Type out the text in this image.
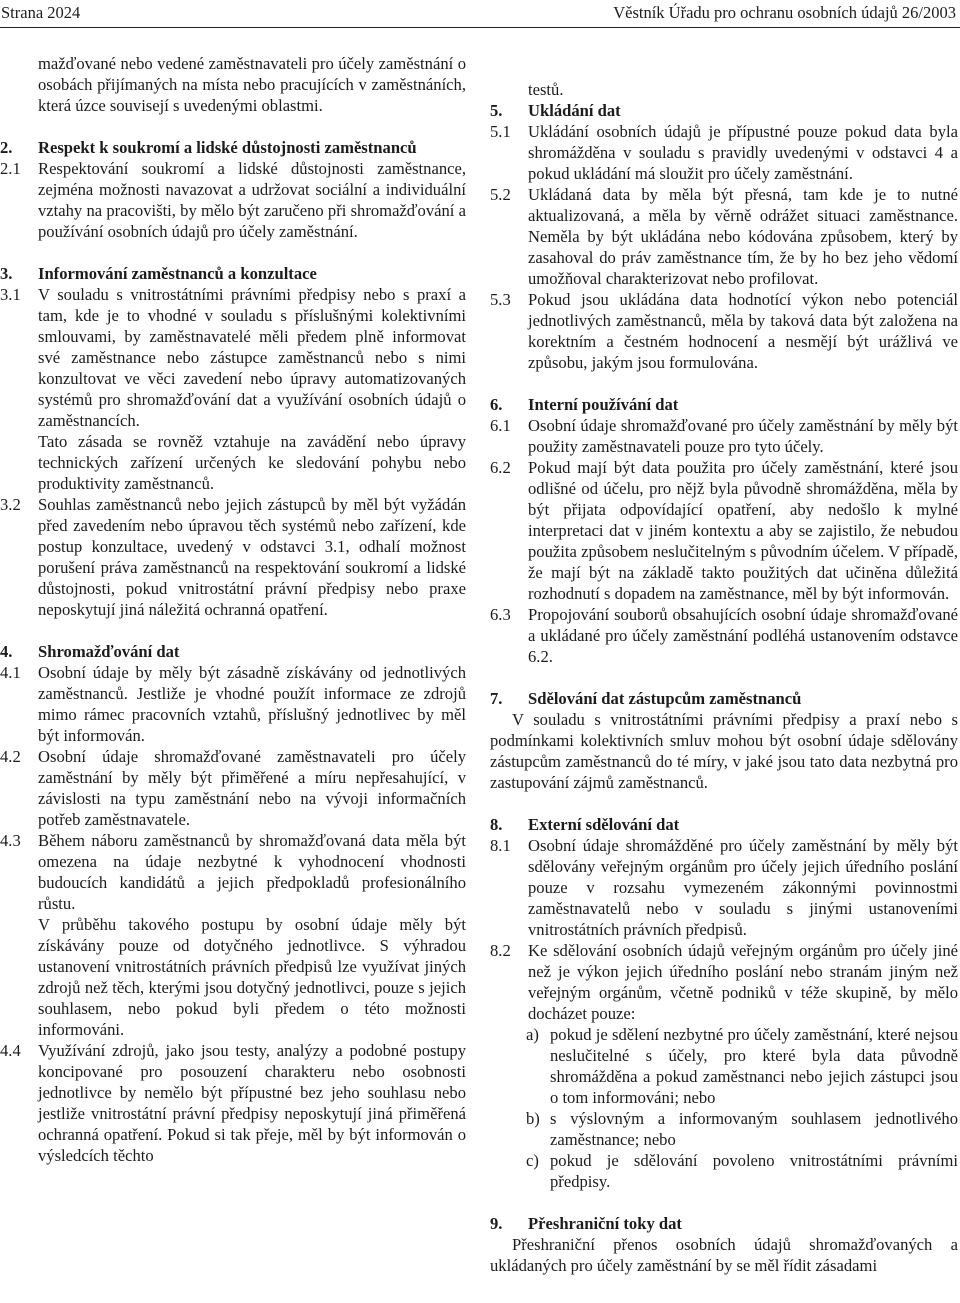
Strana 2024	Věstník Úřadu pro ochranu osobních údajů 26/2003

mažďované nebo vedené zaměstnavateli pro účely zaměstnání o osobách přijímaných na místa nebo pracujících v zaměstnáních, která úzce souvisejí s uvedenými oblastmi.

2. Respekt k soukromí a lidské důstojnosti zaměstnanců

2.1 Respektování soukromí a lidské důstojnosti zaměstnance, zejména možnosti navazovat a udržovat sociální a individuální vztahy na pracovišti, by mělo být zaručeno při shromažďování a používání osobních údajů pro účely zaměstnání.

3. Informování zaměstnanců a konzultace

3.1 V souladu s vnitrostátními právními předpisy nebo s praxí a tam, kde je to vhodné v souladu s příslušnými kolektivními smlouvami, by zaměstnavatelé měli předem plně informovat své zaměstnance nebo zástupce zaměstnanců nebo s nimi konzultovat ve věci zavedení nebo úpravy automatizovaných systémů pro shromažďování dat a využívání osobních údajů o zaměstnancích.

Tato zásada se rovněž vztahuje na zavádění nebo úpravy technických zařízení určených ke sledování pohybu nebo produktivity zaměstnanců.

3.2 Souhlas zaměstnanců nebo jejich zástupců by měl být vyžádán před zavedením nebo úpravou těch systémů nebo zařízení, kde postup konzultace, uvedený v odstavci 3.1, odhalí možnost porušení práva zaměstnanců na respektování soukromí a lidské důstojnosti, pokud vnitrostátní právní předpisy nebo praxe neposkytují jiná náležitá ochranná opatření.

4. Shromažďování dat

4.1 Osobní údaje by měly být zásadně získávány od jednotlivých zaměstnanců. Jestliže je vhodné použít informace ze zdrojů mimo rámec pracovních vztahů, příslušný jednotlivec by měl být informován.

4.2 Osobní údaje shromažďované zaměstnavateli pro účely zaměstnání by měly být přiměřené a míru nepřesahující, v závislosti na typu zaměstnání nebo na vývoji informačních potřeb zaměstnavatele.

4.3 Během náboru zaměstnanců by shromažďovaná data měla být omezena na údaje nezbytné k vyhodnocení vhodnosti budoucích kandidátů a jejich předpokladů profesionálního růstu.

V průběhu takového postupu by osobní údaje měly být získávány pouze od dotyčného jednotlivce. S výhradou ustanovení vnitrostátních právních předpisů lze využívat jiných zdrojů než těch, kterými jsou dotyčný jednotlivci, pouze s jejich souhlasem, nebo pokud byli předem o této možnosti informováni.

4.4 Využívání zdrojů, jako jsou testy, analýzy a podobné postupy koncipované pro posouzení charakteru nebo osobnosti jednotlivce by nemělo být přípustné bez jeho souhlasu nebo jestliže vnitrostátní právní předpisy neposkytují jiná přiměřená ochranná opatření. Pokud si tak přeje, měl by být informován o výsledcích těchto

testů.

5. Ukládání dat

5.1 Ukládání osobních údajů je přípustné pouze pokud data byla shromážděna v souladu s pravidly uvedenými v odstavci 4 a pokud ukládání má sloužit pro účely zaměstnání.

5.2 Ukládaná data by měla být přesná, tam kde je to nutné aktualizovaná, a měla by věrně odrážet situaci zaměstnance. Neměla by být ukládána nebo kódována způsobem, který by zasahoval do práv zaměstnance tím, že by ho bez jeho vědomí umožňoval charakterizovat nebo profilovat.

5.3 Pokud jsou ukládána data hodnotící výkon nebo potenciál jednotlivých zaměstnanců, měla by taková data být založena na korektním a čestném hodnocení a nesmějí být urážlivá ve způsobu, jakým jsou formulována.

6. Interní používání dat

6.1 Osobní údaje shromažďované pro účely zaměstnání by měly být použity zaměstnavateli pouze pro tyto účely.

6.2 Pokud mají být data použita pro účely zaměstnání, které jsou odlišné od účelu, pro nějž byla původně shromážděna, měla by být přijata odpovídající opatření, aby nedošlo k mylné interpretaci dat v jiném kontextu a aby se zajistilo, že nebudou použita způsobem neslučitelným s původním účelem. V případě, že mají být na základě takto použitých dat učiněna důležitá rozhodnutí s dopadem na zaměstnance, měl by být informován.

6.3 Propojování souborů obsahujících osobní údaje shromažďované a ukládané pro účely zaměstnání podléhá ustanovením odstavce 6.2.

7. Sdělování dat zástupcům zaměstnanců

V souladu s vnitrostátními právními předpisy a praxí nebo s podmínkami kolektivních smluv mohou být osobní údaje sdělovány zástupcům zaměstnanců do té míry, v jaké jsou tato data nezbytná pro zastupování zájmů zaměstnanců.

8. Externí sdělování dat

8.1 Osobní údaje shromážděné pro účely zaměstnání by měly být sdělovány veřejným orgánům pro účely jejich úředního poslání pouze v rozsahu vymezeném zákonnými povinnostmi zaměstnavatelů nebo v souladu s jinými ustanoveními vnitrostátních právních předpisů.

8.2 Ke sdělování osobních údajů veřejným orgánům pro účely jiné než je výkon jejich úředního poslání nebo stranám jiným než veřejným orgánům, včetně podniků v téže skupině, by mělo docházet pouze:

a) pokud je sdělení nezbytné pro účely zaměstnání, které nejsou neslučitelné s účely, pro které byla data původně shromážděna a pokud zaměstnanci nebo jejich zástupci jsou o tom informováni; nebo

b) s výslovným a informovaným souhlasem jednotlivého zaměstnance; nebo

c) pokud je sdělování povoleno vnitrostátními právními předpisy.

9. Přeshraniční toky dat

Přeshraniční přenos osobních údajů shromažďovaných a ukládaných pro účely zaměstnání by se měl řídit zásadami
